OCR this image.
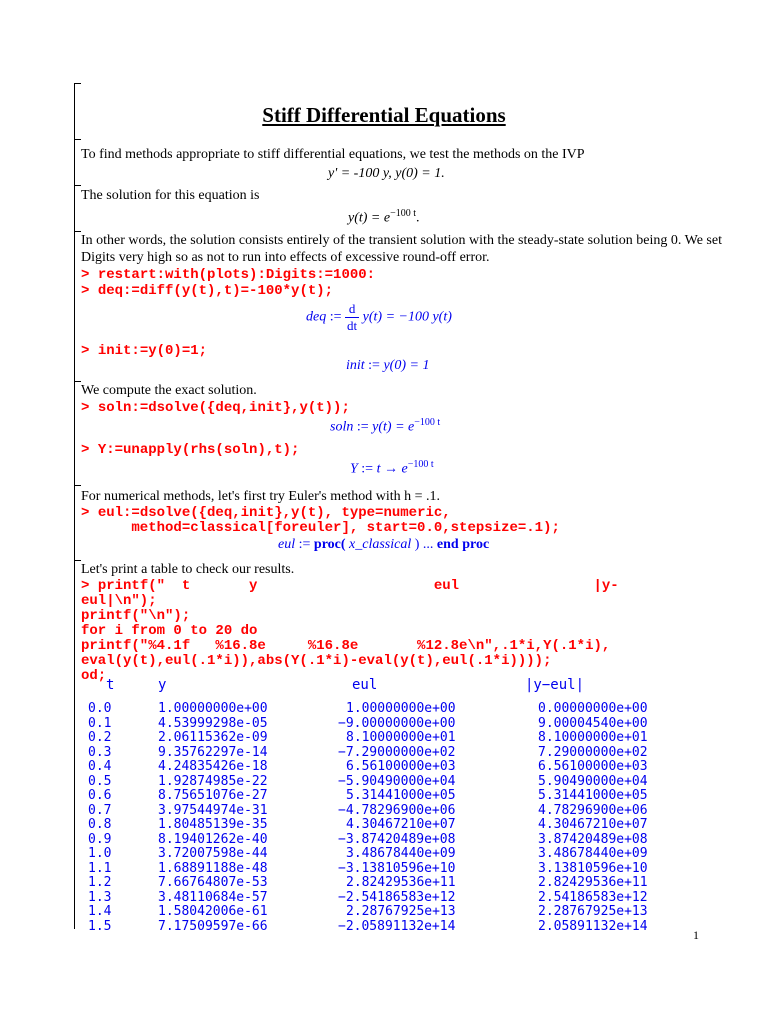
Stiff Differential Equations
To find methods appropriate to stiff differential equations, we test the methods on the IVP
y' = -100 y, y(0) = 1.
The solution for this equation is
$y(t) = e^{-100 t}$.
In other words, the solution consists entirely of the transient solution with the steady-state solution being 0. We set Digits very high so as not to run into effects of excessive round-off error.
> restart:with(plots):Digits:=1000:
> deq:=diff(y(t),t)=-100*y(t);
deq := $\frac{d}{dt} y(t) = -100$ y(t)
> init:=y(0)=1;
init := y(0) = 1
We compute the exact solution.
> soln:=dsolve({deq,init},y(t));
soln := $y(t) = e^{-100 t}$
> Y:=unapply(rhs(soln),t);
Y := $t \to e^{-100 t}$
For numerical methods, let's first try Euler's method with h = .1.
> eul:=dsolve({deq,init},y(t), type=numeric,
method=classical[foreuler], start=0.0,stepsize=.1);
eul := proc( x_classical ) ... end proc
Let's print a table to check our results.
> printf("  t       y                     eul                |y-
eul|\n");
printf("\n");
for i from 0 to 20 do
printf("%4.1f   %16.8e     %16.8e       %12.8e\n",.1*i,Y(.1*i),
eval(y(t),eul(.1*i)),abs(Y(.1*i)-eval(y(t),eul(.1*i))));
od;
t	y	eul	|y−eul|
0.0	1.00000000e+00	1.00000000e+00	0.00000000e+00
0.1	4.53999298e-05	−9.00000000e+00	9.00004540e+00
0.2	2.06115362e-09	8.10000000e+01	8.10000000e+01
0.3	9.35762297e-14	−7.29000000e+02	7.29000000e+02
0.4	4.24835426e-18	6.56100000e+03	6.56100000e+03
0.5	1.92874985e-22	−5.90490000e+04	5.90490000e+04
0.6	8.75651076e-27	5.31441000e+05	5.31441000e+05
0.7	3.97544974e-31	−4.78296900e+06	4.78296900e+06
0.8	1.80485139e-35	4.30467210e+07	4.30467210e+07
0.9	8.19401262e-40	−3.87420489e+08	3.87420489e+08
1.0	3.72007598e-44	3.48678440e+09	3.48678440e+09
1.1	1.68891188e-48	−3.13810596e+10	3.13810596e+10
1.2	7.66764807e-53	2.82429536e+11	2.82429536e+11
1.3	3.48110684e-57	−2.54186583e+12	2.54186583e+12
1.4	1.58042006e-61	2.28767925e+13	2.28767925e+13
1.5	7.17509597e-66	−2.05891132e+14	2.05891132e+14
1
